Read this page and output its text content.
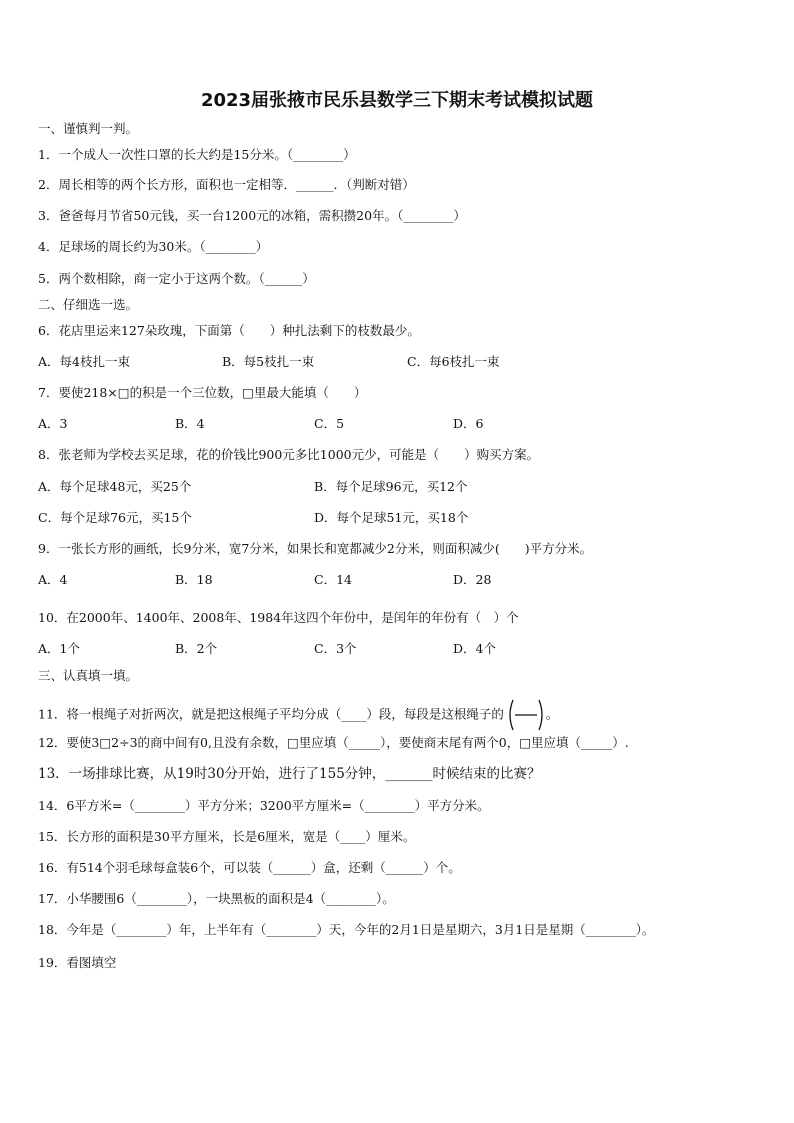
2023届张掖市民乐县数学三下期末考试模拟试题
一、谨慎判一判。
1．一个成人一次性口罩的长大约是15分米。（________）
2．周长相等的两个长方形，面积也一定相等．______．（判断对错）
3．爸爸每月节省50元钱，买一台1200元的冰箱，需积攒20年。（________）
4．足球场的周长约为30米。（________）
5．两个数相除，商一定小于这两个数。（______）
二、仔细选一选。
6．花店里运来127朵玫瑰，下面第（　　）种扎法剩下的枝数最少。
A．每4枝扎一束	B．每5枝扎一束	C．每6枝扎一束
7．要使218×□的积是一个三位数，□里最大能填（　　）
A．3	B．4	C．5	D．6
8．张老师为学校去买足球，花的价钱比900元多比1000元少，可能是（　　）购买方案。
A．每个足球48元，买25个	B．每个足球96元，买12个
C．每个足球76元，买15个	D．每个足球51元，买18个
9．一张长方形的画纸，长9分米，宽7分米，如果长和宽都减少2分米，则面积减少(　　)平方分米。
A．4	B．18	C．14	D．28
10．在2000年、1400年、2008年、1984年这四个年份中，是闰年的年份有（　）个
A．1个	B．2个	C．3个	D．4个
三、认真填一填。
11．将一根绳子对折两次，就是把这根绳子平均分成（____）段，每段是这根绳子的	。
12．要使3□2÷3的商中间有0,且没有余数，□里应填（_____），要使商末尾有两个0，□里应填（_____）.
13．一场排球比赛，从19时30分开始，进行了155分钟，_______时候结束的比赛？
14．6平方米=（________）平方分米；3200平方厘米=（________）平方分米。
15．长方形的面积是30平方厘米，长是6厘米，宽是（____）厘米。
16．有514个羽毛球每盒装6个，可以装（______）盒，还剩（______）个。
17．小华腰围6（________），一块黑板的面积是4（________）。
18．今年是（________）年，上半年有（________）天，今年的2月1日是星期六，3月1日是星期（________）。
19．看图填空
